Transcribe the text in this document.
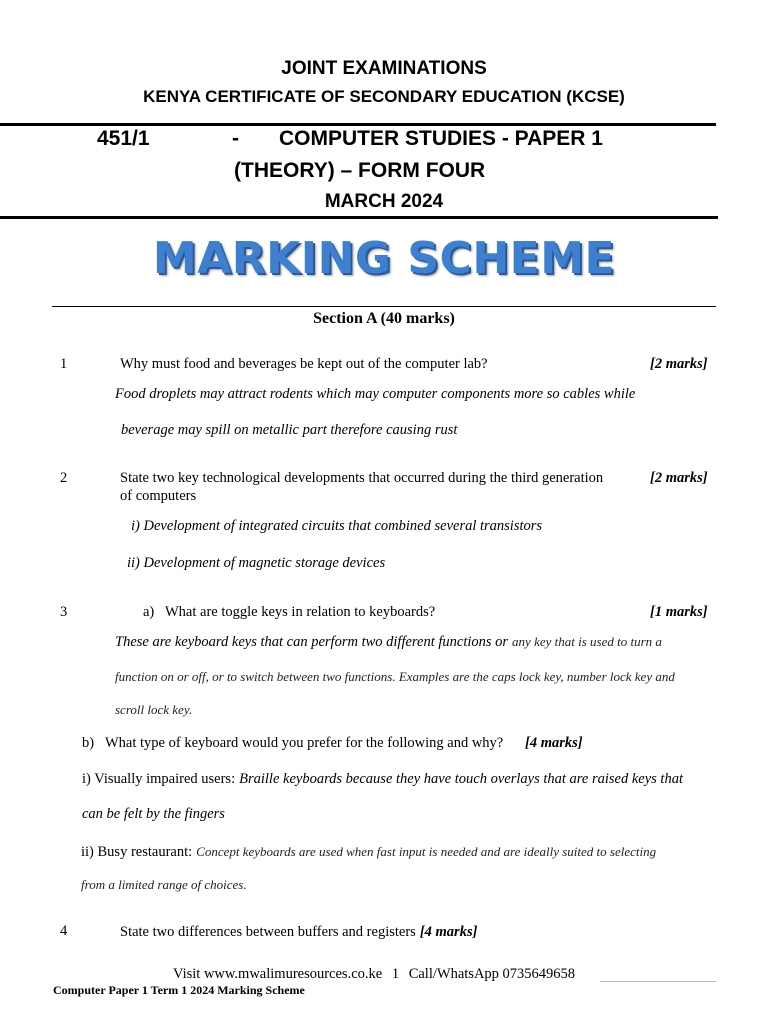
JOINT EXAMINATIONS
KENYA CERTIFICATE OF SECONDARY EDUCATION (KCSE)
451/1	- COMPUTER STUDIES - PAPER 1
(THEORY) – FORM FOUR
MARCH 2024
MARKING SCHEME
Section A (40 marks)
1	Why must food and beverages be kept out of the computer lab?	[2 marks]
Food droplets may attract rodents which may computer components more so cables while
beverage may spill on metallic part therefore causing rust
2	State two key technological developments that occurred during the third generation
of computers
[2 marks]
i) Development of integrated circuits that combined several transistors
ii) Development of magnetic storage devices
3	a) What are toggle keys in relation to keyboards?	[1 marks]
These are keyboard keys that can perform two different functions or any key that is used to turn a
function on or off, or to switch between two functions. Examples are the caps lock key, number lock key and
scroll lock key.
b) What type of keyboard would you prefer for the following and why? [4 marks]
i) Visually impaired users: Braille keyboards because they have touch overlays that are raised keys that
can be felt by the fingers
ii) Busy restaurant: Concept keyboards are used when fast input is needed and are ideally suited to selecting
from a limited range of choices.
4	State two differences between buffers and registers [4 marks]
Visit www.mwalimuresources.co.ke 1 Call/WhatsApp 0735649658
Computer Paper 1 Term 1 2024 Marking Scheme
